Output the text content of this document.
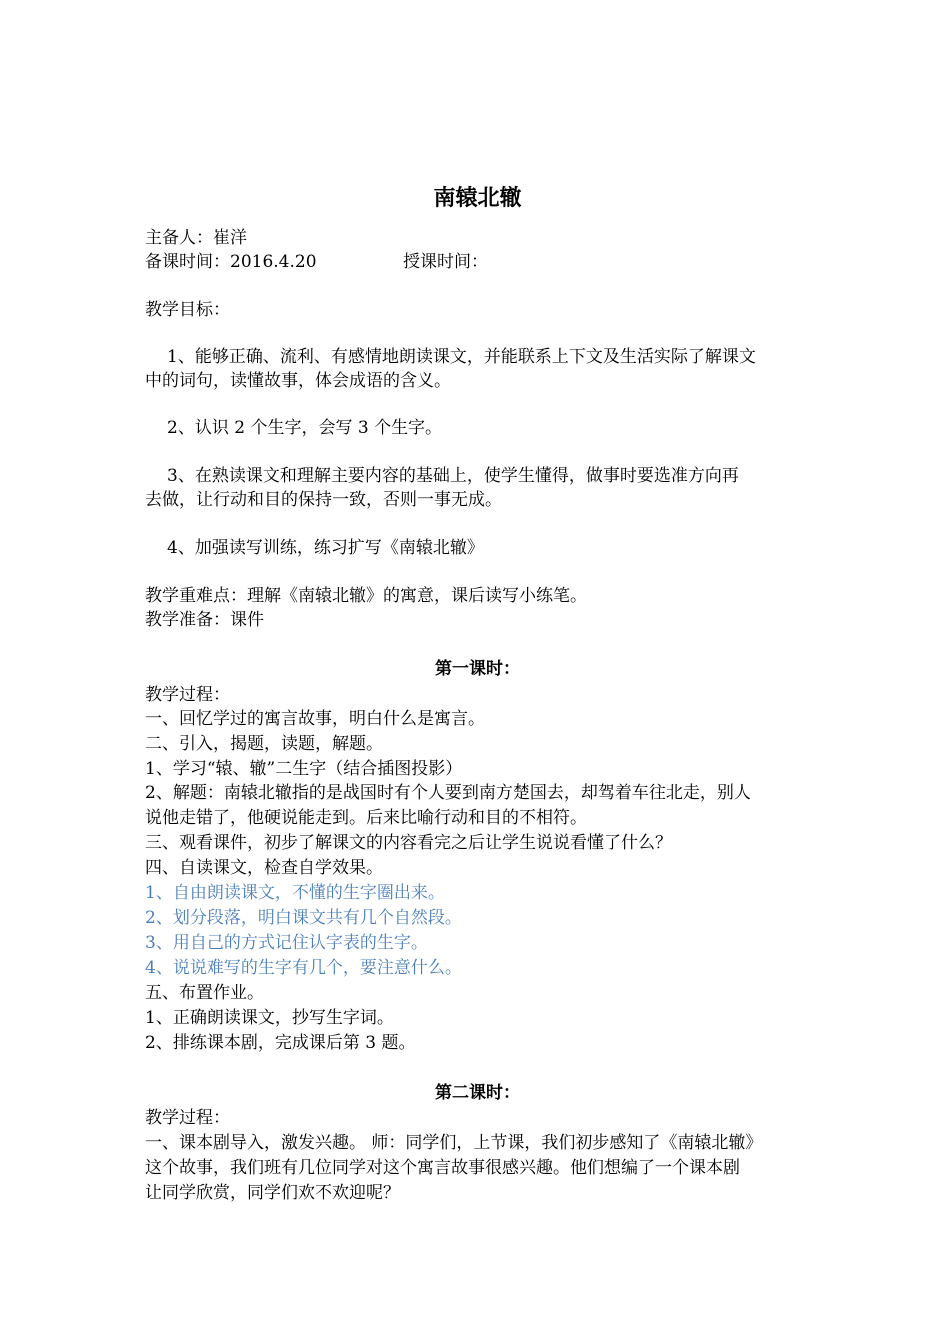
南辕北辙
主备人：崔洋
备课时间：2016.4.20	授课时间：
教学目标：
1、能够正确、流利、有感情地朗读课文，并能联系上下文及生活实际了解课文
中的词句，读懂故事，体会成语的含义。
2、认识 2 个生字，会写 3 个生字。
3、在熟读课文和理解主要内容的基础上，使学生懂得，做事时要选准方向再
去做，让行动和目的保持一致，否则一事无成。
4、加强读写训练，练习扩写《南辕北辙》
教学重难点：理解《南辕北辙》的寓意，课后读写小练笔。
教学准备：课件
第一课时：
教学过程：
一、回忆学过的寓言故事，明白什么是寓言。
二、引入，揭题，读题，解题。
1、学习“辕、辙”二生字（结合插图投影）
2、解题：南辕北辙指的是战国时有个人要到南方楚国去，却驾着车往北走，别人
说他走错了，他硬说能走到。后来比喻行动和目的不相符。
三、观看课件，初步了解课文的内容看完之后让学生说说看懂了什么？
四、自读课文，检查自学效果。
1、自由朗读课文，不懂的生字圈出来。
2、划分段落，明白课文共有几个自然段。
3、用自己的方式记住认字表的生字。
4、说说难写的生字有几个，要注意什么。
五、布置作业。
1、正确朗读课文，抄写生字词。
2、排练课本剧，完成课后第 3 题。
第二课时：
教学过程：
一、课本剧导入，激发兴趣。 师：同学们，上节课，我们初步感知了《南辕北辙》
这个故事，我们班有几位同学对这个寓言故事很感兴趣。他们想编了一个课本剧
让同学欣赏，同学们欢不欢迎呢？
